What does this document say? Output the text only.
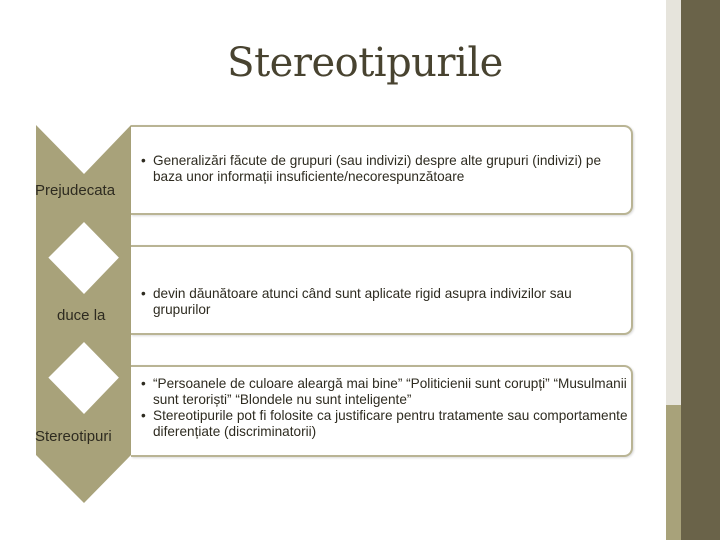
Stereotipurile
Prejudecata
duce la
Stereotipuri
• Generalizări făcute de grupuri (sau indivizi) despre alte grupuri (indivizi) pe baza unor informații insuficiente/necorespunzătoare
• devin dăunătoare atunci când sunt aplicate rigid asupra indivizilor sau grupurilor
• “Persoanele de culoare aleargă mai bine” “Politicienii sunt corupți” “Musulmanii sunt teroriști” “Blondele nu sunt inteligente”
• Stereotipurile pot fi folosite ca justificare pentru tratamente sau comportamente diferențiate (discriminatorii)
